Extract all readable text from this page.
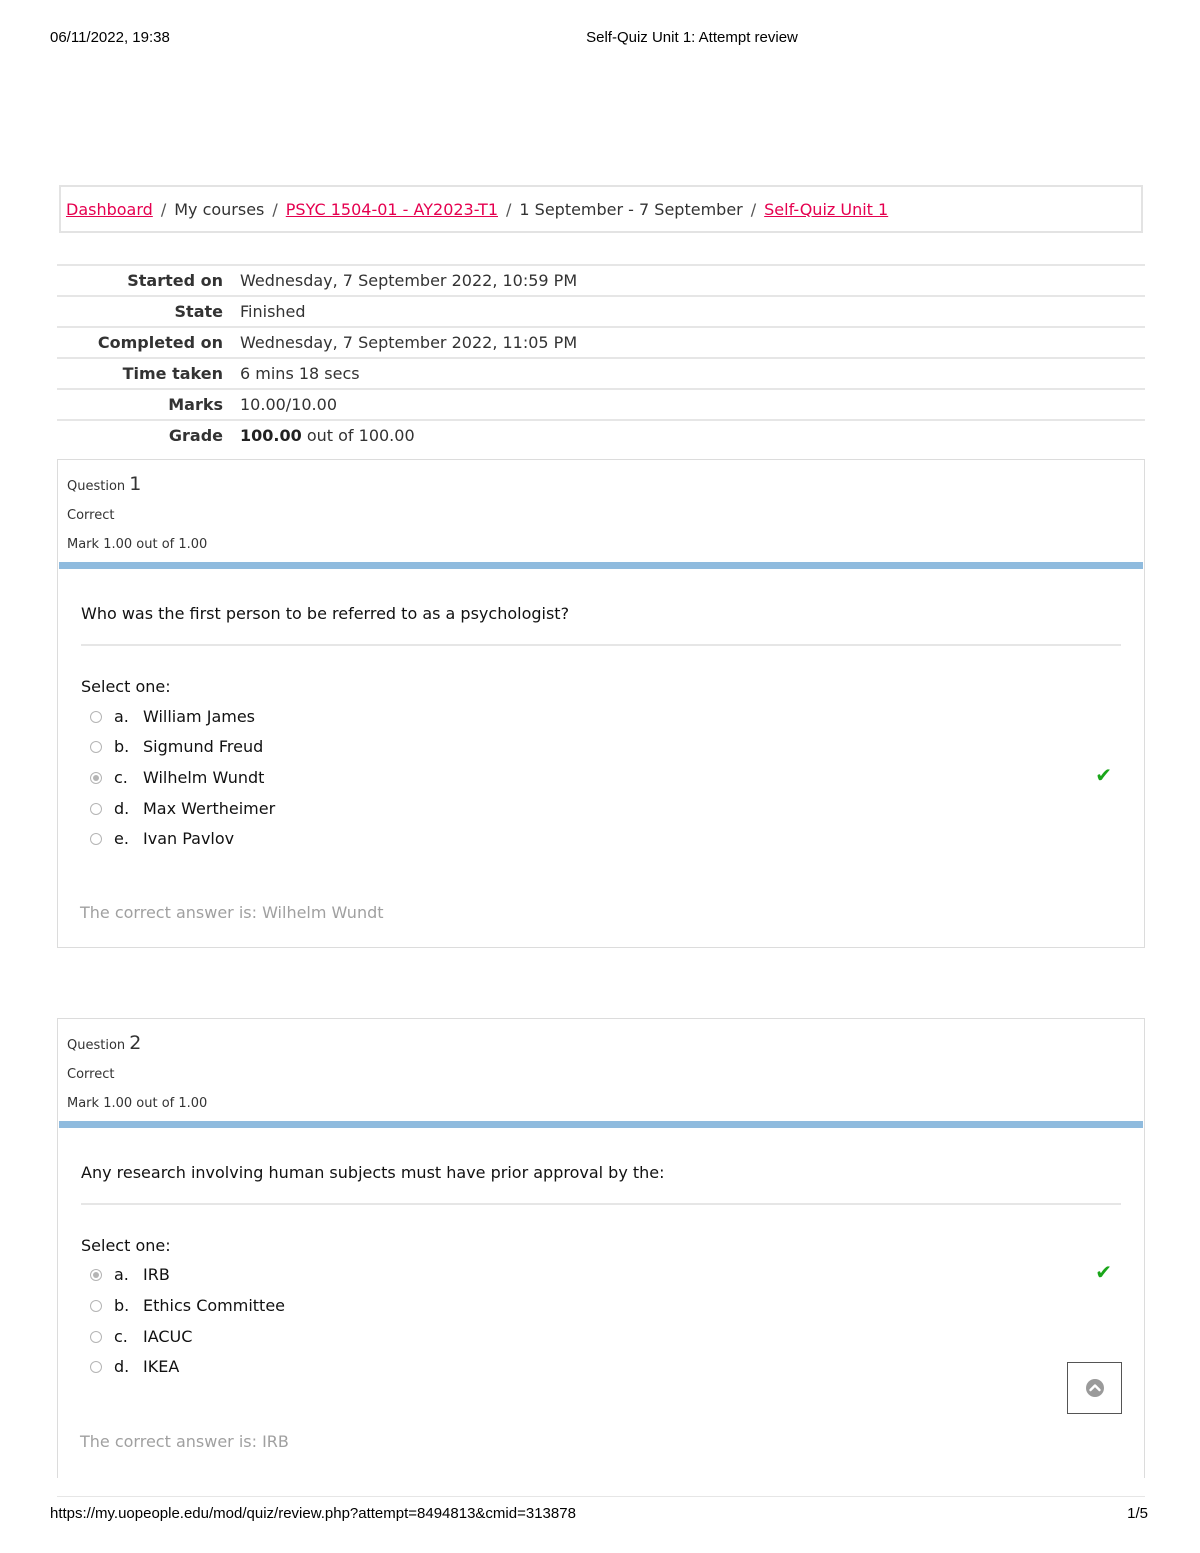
06/11/2022, 19:38	Self-Quiz Unit 1: Attempt review
Dashboard / My courses / PSYC 1504-01 - AY2023-T1 / 1 September - 7 September / Self-Quiz Unit 1
Started on	Wednesday, 7 September 2022, 10:59 PM
State	Finished
Completed on	Wednesday, 7 September 2022, 11:05 PM
Time taken	6 mins 18 secs
Marks	10.00/10.00
Grade	100.00 out of 100.00
Question 1
Correct
Mark 1.00 out of 1.00
Who was the first person to be referred to as a psychologist?
Select one:
a. William James
b. Sigmund Freud
c. Wilhelm Wundt	✔
d. Max Wertheimer
e. Ivan Pavlov
The correct answer is: Wilhelm Wundt
Question 2
Correct
Mark 1.00 out of 1.00
Any research involving human subjects must have prior approval by the:
Select one:
a. IRB	✔
b. Ethics Committee
c. IACUC
d. IKEA
The correct answer is: IRB
https://my.uopeople.edu/mod/quiz/review.php?attempt=8494813&cmid=313878	1/5
